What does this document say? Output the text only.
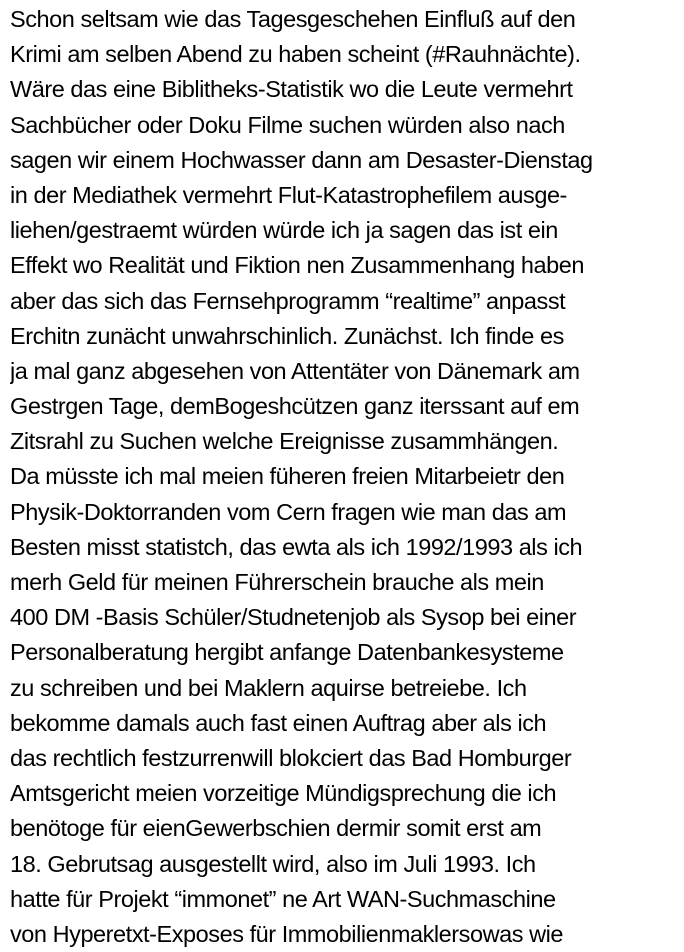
Schon seltsam wie das Tagesgeschehen Einfluß auf den
Krimi am selben Abend zu haben scheint (#Rauhnächte).
Wäre das eine Biblitheks-Statistik wo die Leute vermehrt
Sachbücher oder Doku Filme suchen würden also nach
sagen wir einem Hochwasser dann am Desaster-Dienstag
in der Mediathek vermehrt Flut-Katastrophefilem ausge-
liehen/gestraemt würden würde ich ja sagen das ist ein
Effekt wo Realität und Fiktion nen Zusammenhang haben
aber das sich das Fernsehprogramm “realtime” anpasst
Erchitn zunächt unwahrschinlich. Zunächst. Ich finde es
ja mal ganz abgesehen von Attentäter von Dänemark am
Gestrgen Tage, demBogeshcützen ganz iterssant auf em
Zitsrahl zu Suchen welche Ereignisse zusammhängen.
Da müsste ich mal meien füheren freien Mitarbeietr den
Physik-Doktorranden vom Cern fragen wie man das am
Besten misst statistch, das ewta als ich 1992/1993 als ich
merh Geld für meinen Führerschein brauche als mein
400 DM -Basis Schüler/Studnetenjob als Sysop bei einer
Personalberatung hergibt anfange Datenbankesysteme
zu schreiben und bei Maklern aquirse betreiebe. Ich
bekomme damals auch fast einen Auftrag aber als ich
das rechtlich festzurrenwill blokciert das Bad Homburger
Amtsgericht meien vorzeitige Mündigsprechung die ich
benötoge für eienGewerbschien dermir somit erst am
18. Gebrutsag ausgestellt wird, also im Juli 1993. Ich
hatte für Projekt “immonet” ne Art WAN-Suchmaschine
von Hyperetxt-Exposes für Immobilienmaklersowas wie
